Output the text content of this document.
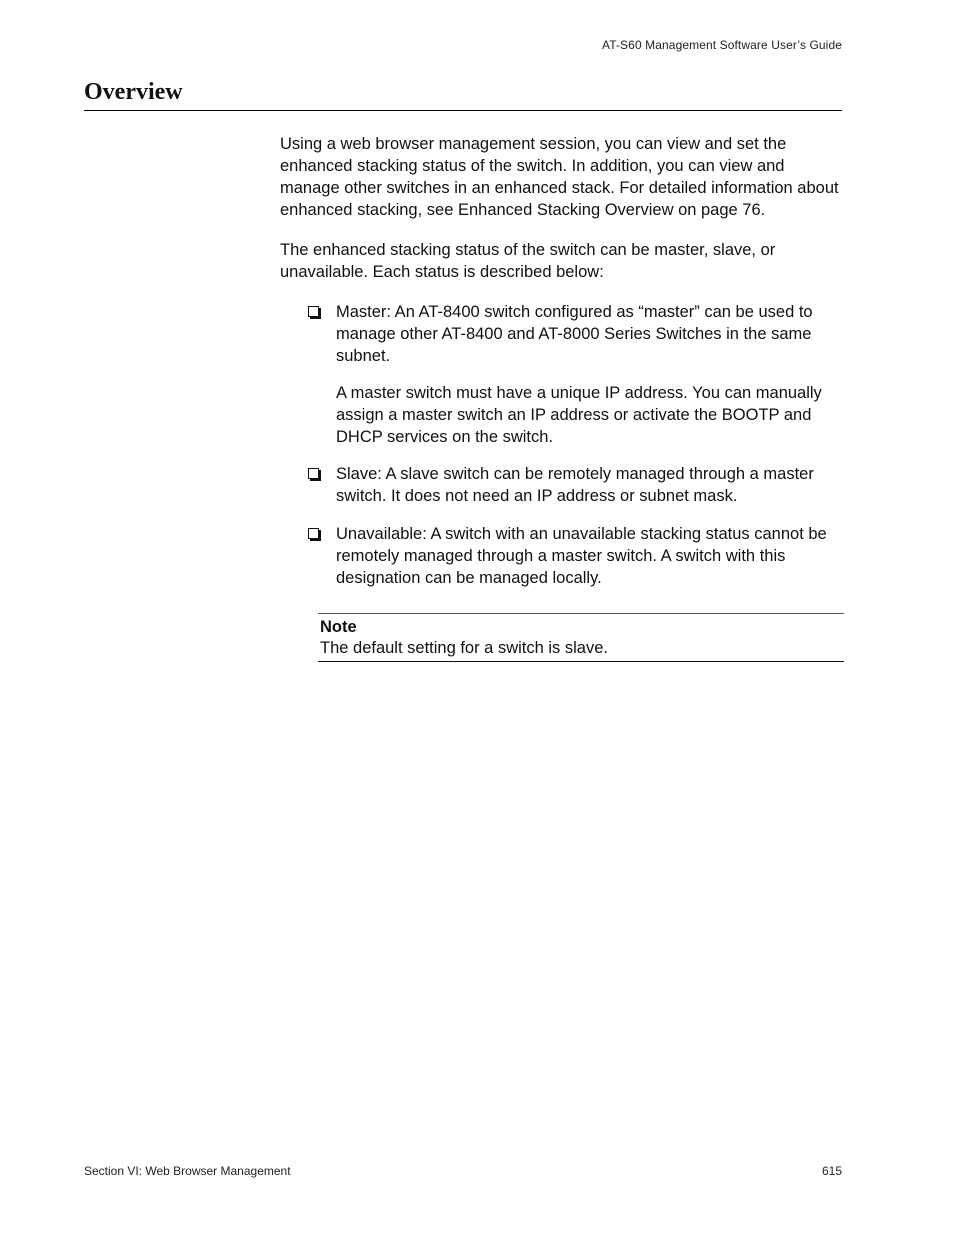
AT-S60 Management Software User’s Guide
Overview

Using a web browser management session, you can view and set the enhanced stacking status of the switch. In addition, you can view and manage other switches in an enhanced stack. For detailed information about enhanced stacking, see Enhanced Stacking Overview on page 76.

The enhanced stacking status of the switch can be master, slave, or unavailable. Each status is described below:

Master: An AT-8400 switch configured as “master” can be used to manage other AT-8400 and AT-8000 Series Switches in the same subnet.

A master switch must have a unique IP address. You can manually assign a master switch an IP address or activate the BOOTP and DHCP services on the switch.

Slave: A slave switch can be remotely managed through a master switch. It does not need an IP address or subnet mask.

Unavailable: A switch with an unavailable stacking status cannot be remotely managed through a master switch. A switch with this designation can be managed locally.

Note
The default setting for a switch is slave.
Section VI: Web Browser Management	615
